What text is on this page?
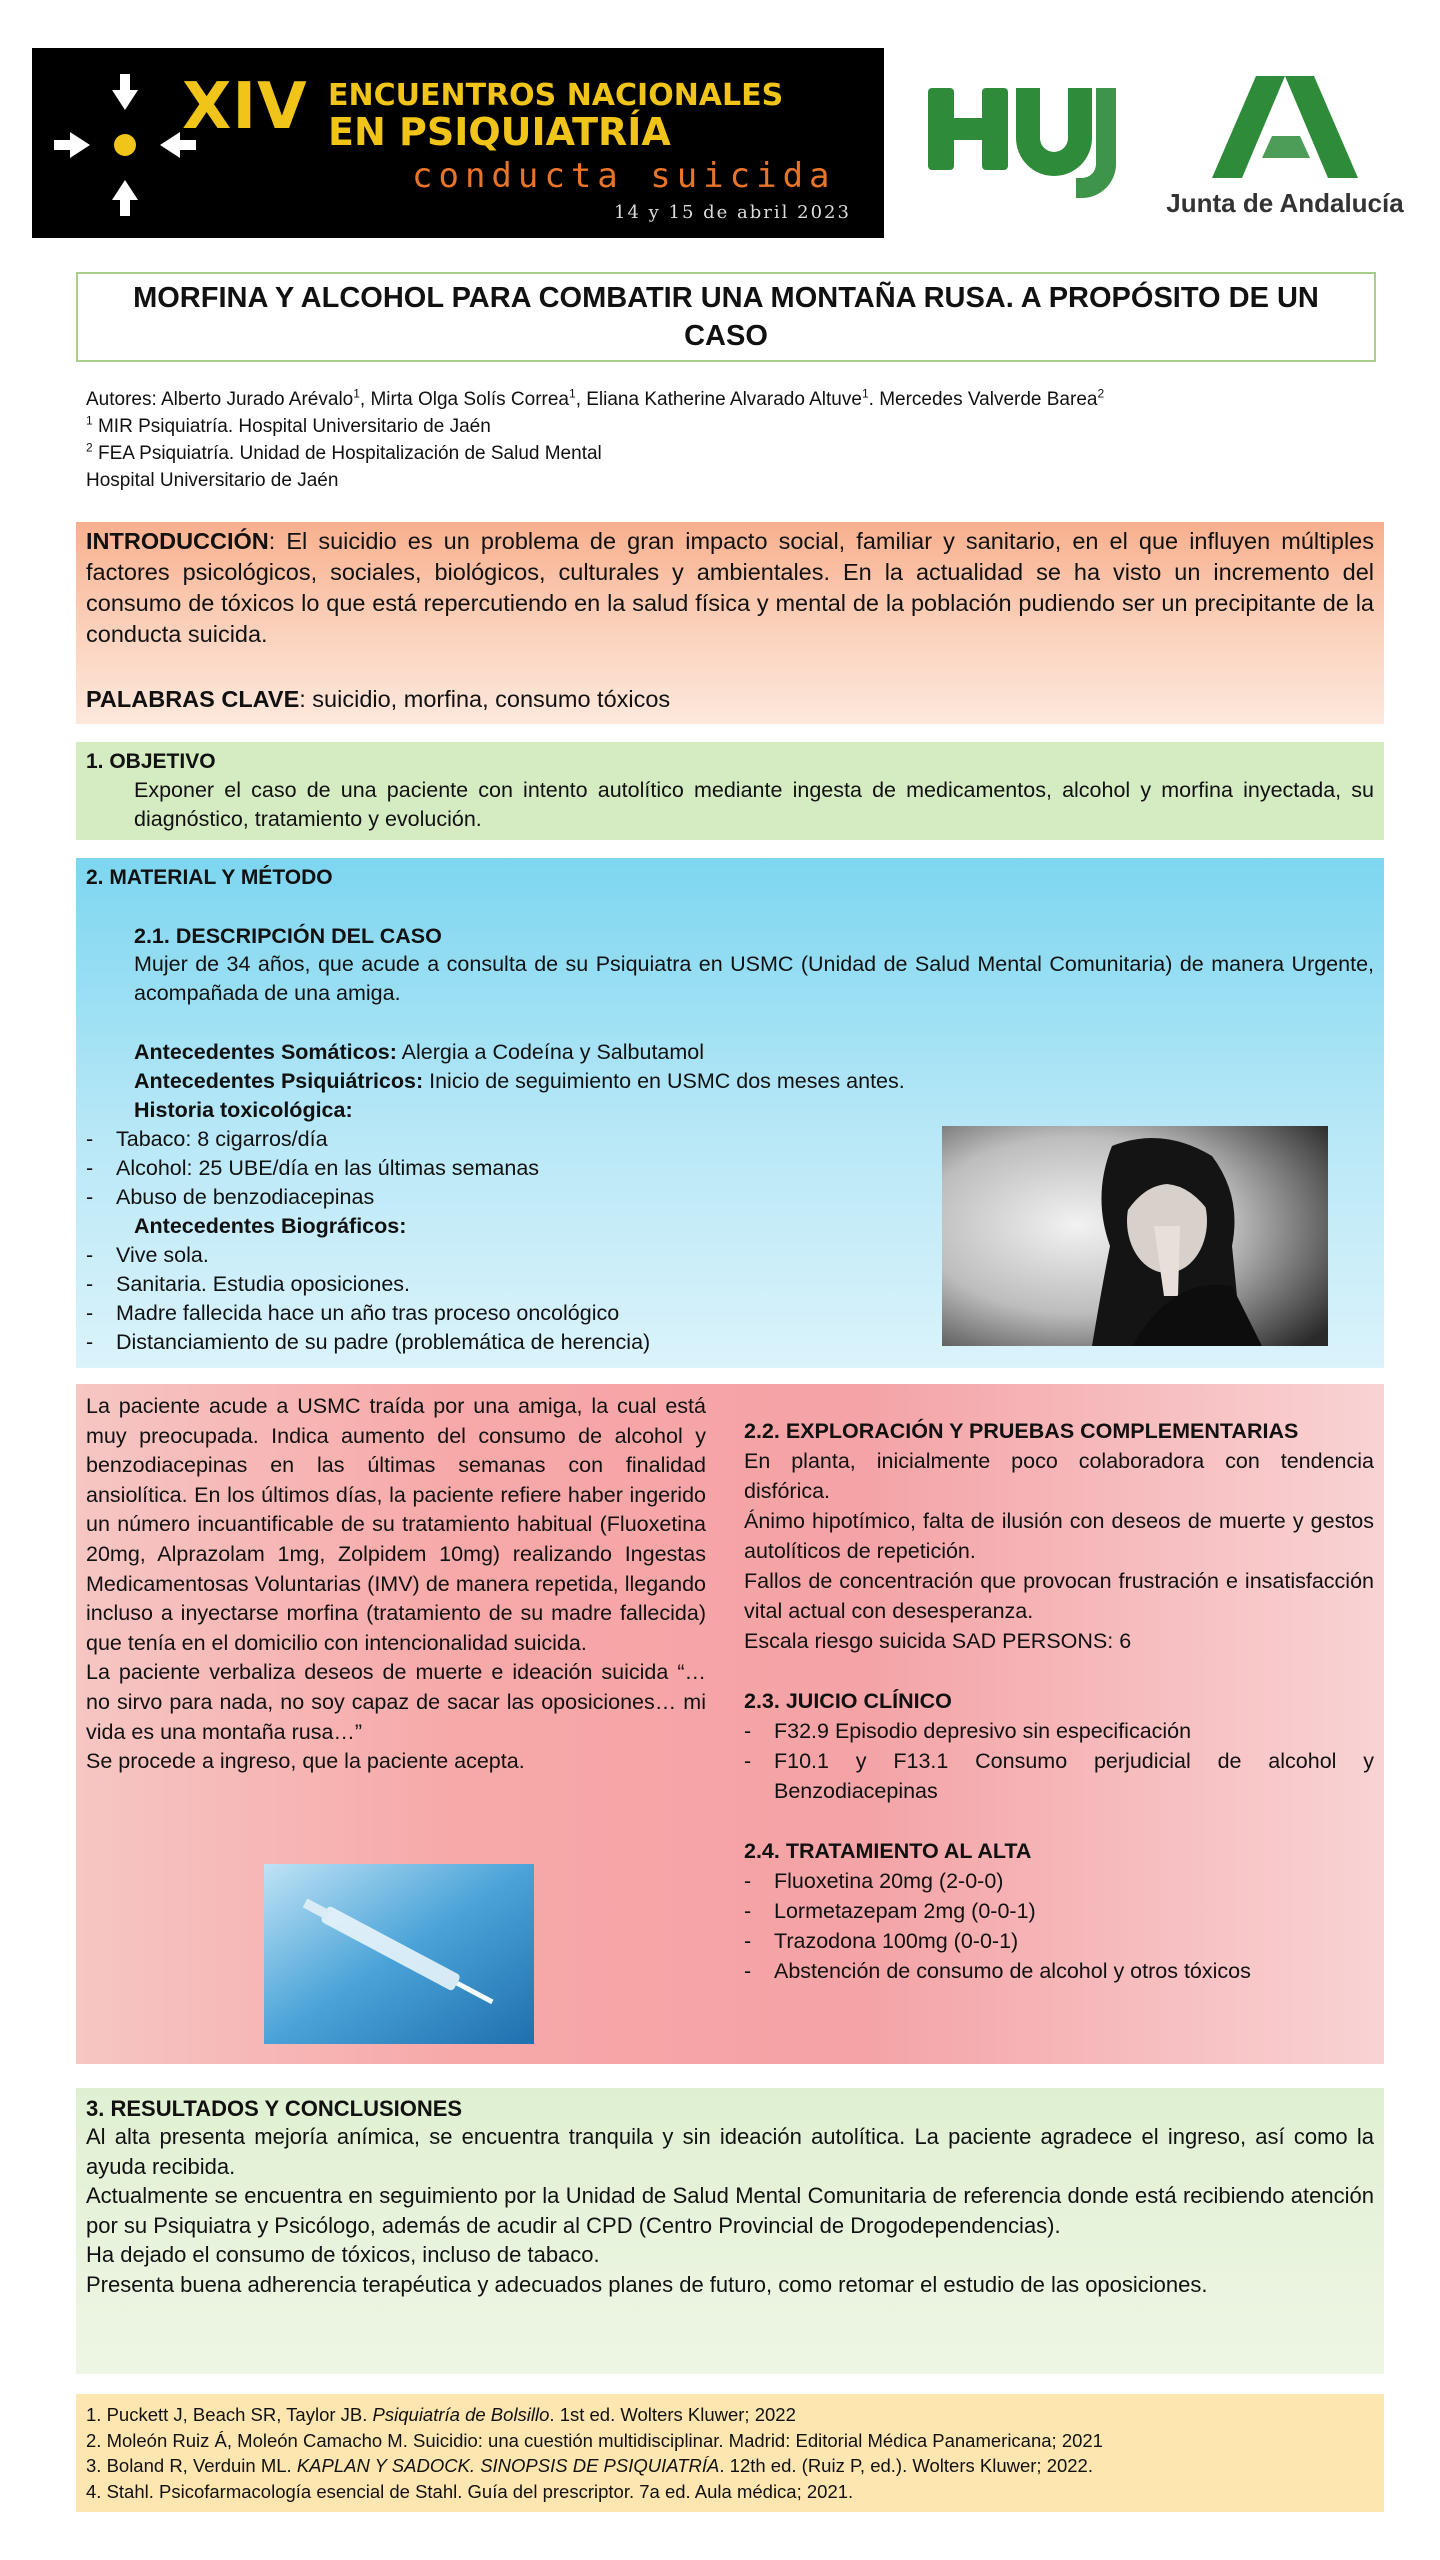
XIV ENCUENTROS NACIONALES
EN PSIQUIATRÍA
conducta suicida
14 y 15 de abril 2023	Junta de Andalucía
MORFINA Y ALCOHOL PARA COMBATIR UNA MONTAÑA RUSA. A PROPÓSITO DE UN CASO
Autores: Alberto Jurado Arévalo$^1$, Mirta Olga Solís Correa$^1$, Eliana Katherine Alvarado Altuve$^1$. Mercedes Valverde Barea$^2$
$^1$ MIR Psiquiatría. Hospital Universitario de Jaén
$^2$ FEA Psiquiatría. Unidad de Hospitalización de Salud Mental
Hospital Universitario de Jaén

INTRODUCCIÓN: El suicidio es un problema de gran impacto social, familiar y sanitario, en el que influyen múltiples factores psicológicos, sociales, biológicos, culturales y ambientales. En la actualidad se ha visto un incremento del consumo de tóxicos lo que está repercutiendo en la salud física y mental de la población pudiendo ser un precipitante de la conducta suicida.

PALABRAS CLAVE: suicidio, morfina, consumo tóxicos

1. OBJETIVO
Exponer el caso de una paciente con intento autolítico mediante ingesta de medicamentos, alcohol y morfina inyectada, su diagnóstico, tratamiento y evolución.
2. MATERIAL Y MÉTODO
2.1. DESCRIPCIÓN DEL CASO
Mujer de 34 años, que acude a consulta de su Psiquiatra en USMC (Unidad de Salud Mental Comunitaria) de manera Urgente, acompañada de una amiga.
Antecedentes Somáticos: Alergia a Codeína y Salbutamol
Antecedentes Psiquiátricos: Inicio de seguimiento en USMC dos meses antes.
Historia toxicológica:
- Tabaco: 8 cigarros/día
- Alcohol: 25 UBE/día en las últimas semanas
- Abuso de benzodiacepinas
Antecedentes Biográficos:
- Vive sola.
- Sanitaria. Estudia oposiciones.
- Madre fallecida hace un año tras proceso oncológico
- Distanciamiento de su padre (problemática de herencia)

La paciente acude a USMC traída por una amiga, la cual está muy preocupada. Indica aumento del consumo de alcohol y benzodiacepinas en las últimas semanas con finalidad ansiolítica. En los últimos días, la paciente refiere haber ingerido un número incuantificable de su tratamiento habitual (Fluoxetina 20mg, Alprazolam 1mg, Zolpidem 10mg) realizando Ingestas Medicamentosas Voluntarias (IMV) de manera repetida, llegando incluso a inyectarse morfina (tratamiento de su madre fallecida) que tenía en el domicilio con intencionalidad suicida.

La paciente verbaliza deseos de muerte e ideación suicida “… no sirvo para nada, no soy capaz de sacar las oposiciones… mi vida es una montaña rusa…”

Se procede a ingreso, que la paciente acepta.

2.2. EXPLORACIÓN Y PRUEBAS COMPLEMENTARIAS

En planta, inicialmente poco colaboradora con tendencia disfórica.

Ánimo hipotímico, falta de ilusión con deseos de muerte y gestos autolíticos de repetición.

Fallos de concentración que provocan frustración e insatisfacción vital actual con desesperanza.

Escala riesgo suicida SAD PERSONS: 6

2.3. JUICIO CLÍNICO

- F32.9 Episodio depresivo sin especificación

- F10.1 y F13.1 Consumo perjudicial de alcohol y Benzodiacepinas

2.4. TRATAMIENTO AL ALTA

- Fluoxetina 20mg (2-0-0)

- Lormetazepam 2mg (0-0-1)

- Trazodona 100mg (0-0-1)

- Abstención de consumo de alcohol y otros tóxicos

3. RESULTADOS Y CONCLUSIONES

Al alta presenta mejoría anímica, se encuentra tranquila y sin ideación autolítica. La paciente agradece el ingreso, así como la ayuda recibida.

Actualmente se encuentra en seguimiento por la Unidad de Salud Mental Comunitaria de referencia donde está recibiendo atención por su Psiquiatra y Psicólogo, además de acudir al CPD (Centro Provincial de Drogodependencias).

Ha dejado el consumo de tóxicos, incluso de tabaco.

Presenta buena adherencia terapéutica y adecuados planes de futuro, como retomar el estudio de las oposiciones.

1. Puckett J, Beach SR, Taylor JB. Psiquiatría de Bolsillo. 1st ed. Wolters Kluwer; 2022
2. Moleón Ruiz Á, Moleón Camacho M. Suicidio: una cuestión multidisciplinar. Madrid: Editorial Médica Panamericana; 2021
3. Boland R, Verduin ML. KAPLAN Y SADOCK. SINOPSIS DE PSIQUIATRÍA. 12th ed. (Ruiz P, ed.). Wolters Kluwer; 2022.
4. Stahl. Psicofarmacología esencial de Stahl. Guía del prescriptor. 7a ed. Aula médica; 2021.
